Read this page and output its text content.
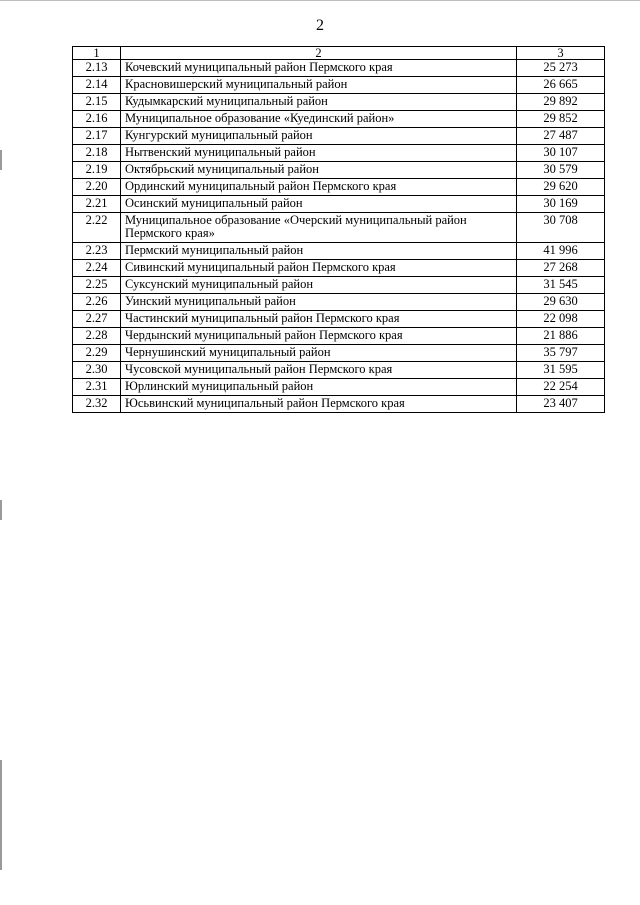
2
1	2	3
2.13	Кочевский муниципальный район Пермского края	25 273
2.14	Красновишерский муниципальный район	26 665
2.15	Кудымкарский муниципальный район	29 892
2.16	Муниципальное образование «Куединский район»	29 852
2.17	Кунгурский муниципальный район	27 487
2.18	Нытвенский муниципальный район	30 107
2.19	Октябрьский муниципальный район	30 579
2.20	Ординский муниципальный район Пермского края	29 620
2.21	Осинский муниципальный район	30 169
2.22	Муниципальное образование «Очерский муниципальный район Пермского края»	30 708
2.23	Пермский муниципальный район	41 996
2.24	Сивинский муниципальный район Пермского края	27 268
2.25	Суксунский муниципальный район	31 545
2.26	Уинский муниципальный район	29 630
2.27	Частинский муниципальный район Пермского края	22 098
2.28	Чердынский муниципальный район Пермского края	21 886
2.29	Чернушинский муниципальный район	35 797
2.30	Чусовской муниципальный район Пермского края	31 595
2.31	Юрлинский муниципальный район	22 254
2.32	Юсьвинский муниципальный район Пермского края	23 407
